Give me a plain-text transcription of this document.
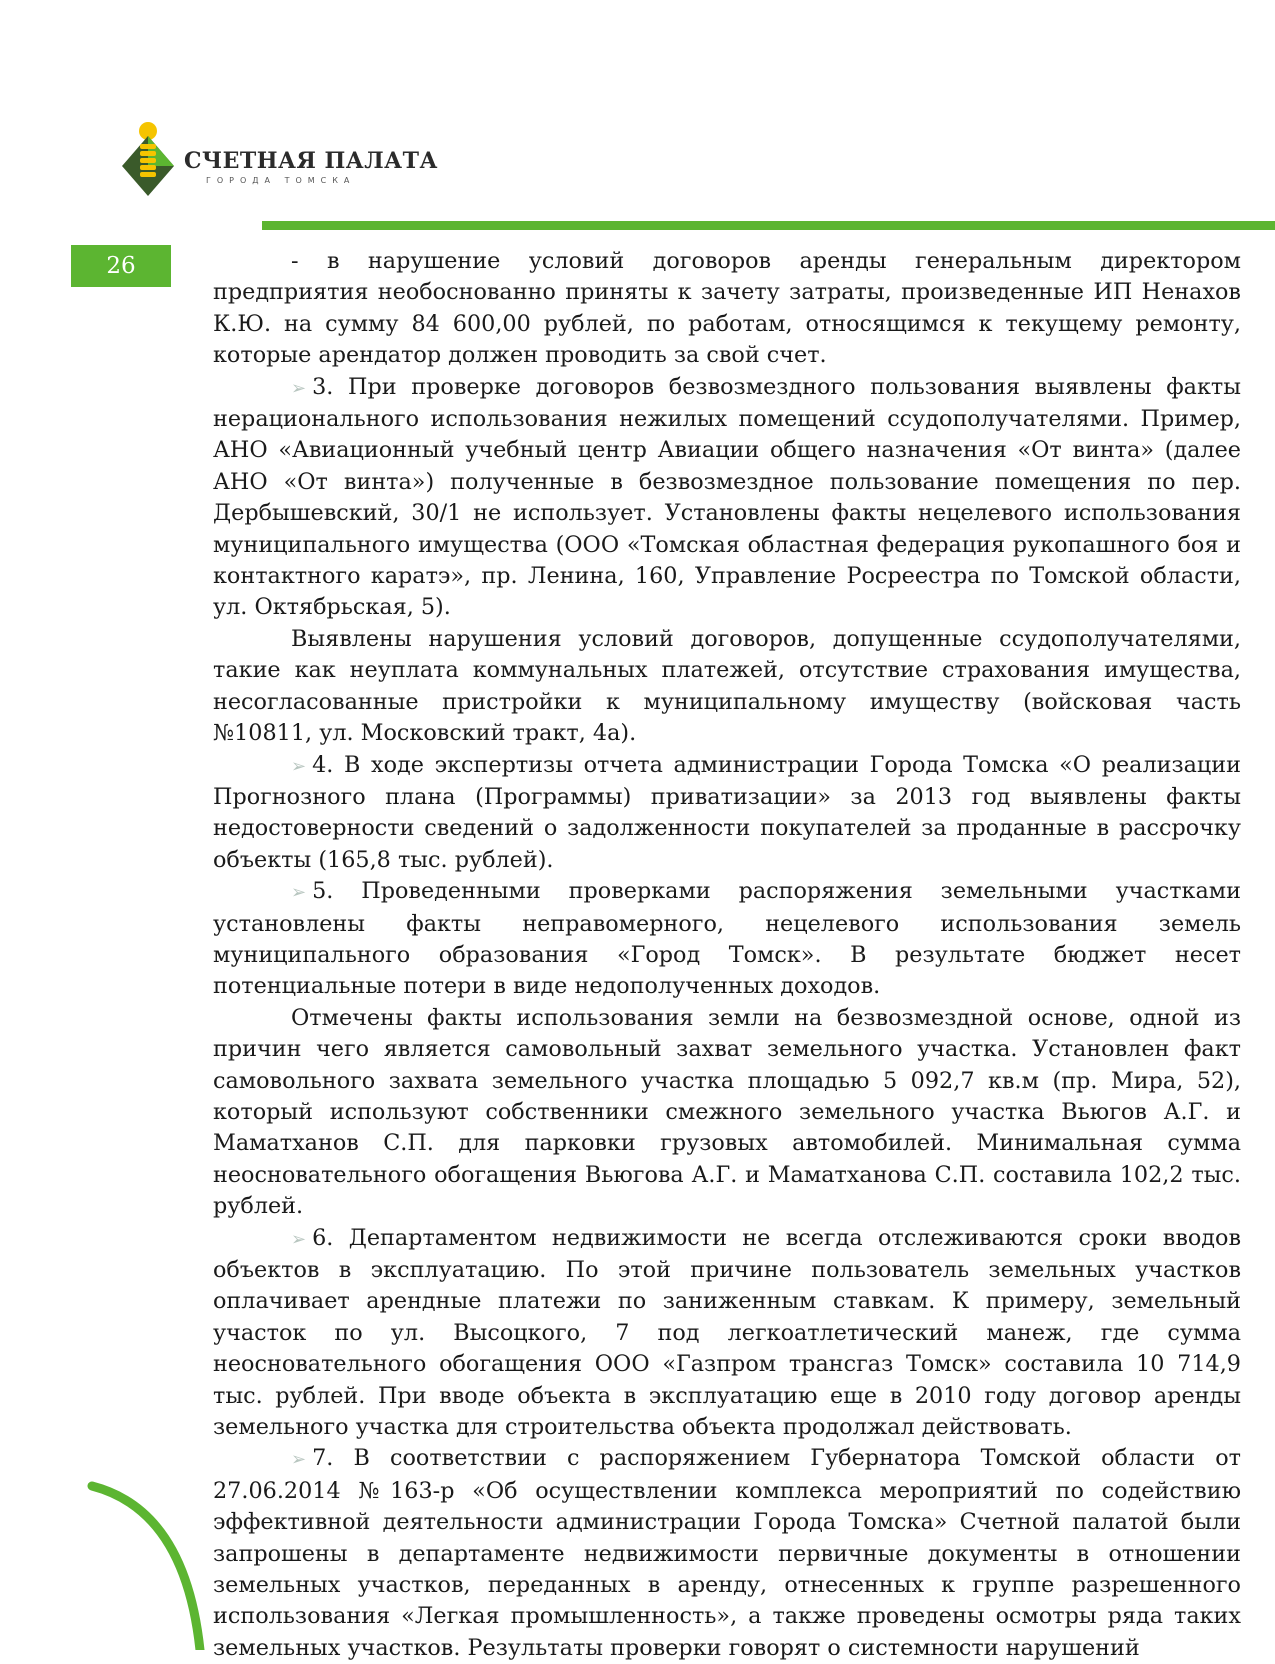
СЧЕТНАЯ ПАЛАТА
ГОРОДА ТОМСКА
26	- в нарушение условий договоров аренды генеральным директором предприятия необоснованно приняты к зачету затраты, произведенные ИП Ненахов К.Ю. на сумму 84 600,00 рублей, по работам, относящимся к текущему ремонту, которые арендатор должен проводить за свой счет.

➢ 3. При проверке договоров безвозмездного пользования выявлены факты нерационального использования нежилых помещений ссудополучателями. Пример, АНО «Авиационный учебный центр Авиации общего назначения «От винта» (далее АНО «От винта») полученные в безвозмездное пользование помещения по пер. Дербышевский, 30/1 не использует. Установлены факты нецелевого использования муниципального имущества (ООО «Томская областная федерация рукопашного боя и контактного каратэ», пр. Ленина, 160, Управление Росреестра по Томской области, ул. Октябрьская, 5).

Выявлены нарушения условий договоров, допущенные ссудополучателями, такие как неуплата коммунальных платежей, отсутствие страхования имущества, несогласованные пристройки к муниципальному имуществу (войсковая часть №10811, ул. Московский тракт, 4а).

➢ 4. В ходе экспертизы отчета администрации Города Томска «О реализации Прогнозного плана (Программы) приватизации» за 2013 год выявлены факты недостоверности сведений о задолженности покупателей за проданные в рассрочку объекты (165,8 тыс. рублей).

➢ 5. Проведенными проверками распоряжения земельными участками установлены факты неправомерного, нецелевого использования земель муниципального образования «Город Томск». В результате бюджет несет потенциальные потери в виде недополученных доходов.

Отмечены факты использования земли на безвозмездной основе, одной из причин чего является самовольный захват земельного участка. Установлен факт самовольного захвата земельного участка площадью 5 092,7 кв.м (пр. Мира, 52), который используют собственники смежного земельного участка Вьюгов А.Г. и Маматханов С.П. для парковки грузовых автомобилей. Минимальная сумма неосновательного обогащения Вьюгова А.Г. и Маматханова С.П. составила 102,2 тыс. рублей.

➢ 6. Департаментом недвижимости не всегда отслеживаются сроки вводов объектов в эксплуатацию. По этой причине пользователь земельных участков оплачивает арендные платежи по заниженным ставкам. К примеру, земельный участок по ул. Высоцкого, 7 под легкоатлетический манеж, где сумма неосновательного обогащения ООО «Газпром трансгаз Томск» составила 10 714,9 тыс. рублей. При вводе объекта в эксплуатацию еще в 2010 году договор аренды земельного участка для строительства объекта продолжал действовать.

➢ 7. В соответствии с распоряжением Губернатора Томской области от 27.06.2014 №163-р «Об осуществлении комплекса мероприятий по содействию эффективной деятельности администрации Города Томска» Счетной палатой были запрошены в департаменте недвижимости первичные документы в отношении земельных участков, переданных в аренду, отнесенных к группе разрешенного использования «Легкая промышленность», а также проведены осмотры ряда таких земельных участков. Результаты проверки говорят о системности нарушений
